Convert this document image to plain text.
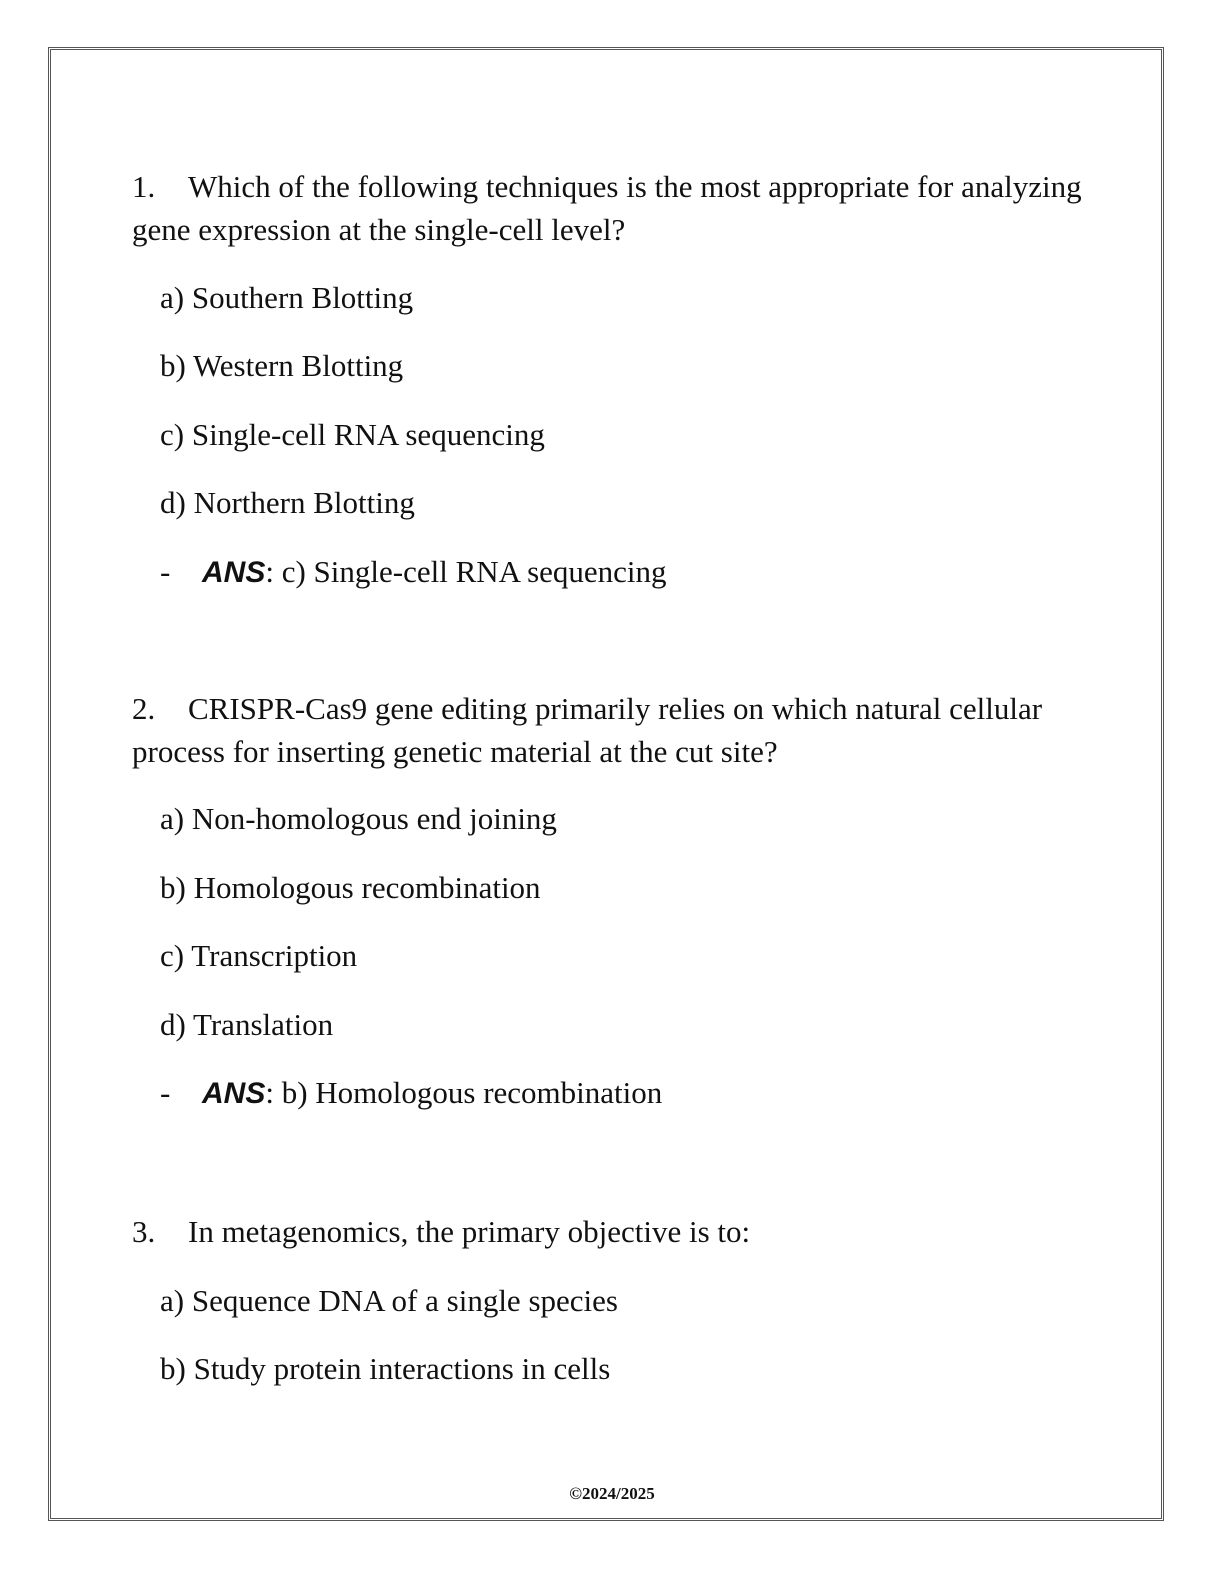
1. Which of the following techniques is the most appropriate for analyzing gene expression at the single-cell level?

a) Southern Blotting
b) Western Blotting
c) Single-cell RNA sequencing
d) Northern Blotting
- ANS: c) Single-cell RNA sequencing

2. CRISPR-Cas9 gene editing primarily relies on which natural cellular process for inserting genetic material at the cut site?

a) Non-homologous end joining
b) Homologous recombination
c) Transcription
d) Translation
- ANS: b) Homologous recombination

3. In metagenomics, the primary objective is to:

a) Sequence DNA of a single species
b) Study protein interactions in cells
©2024/2025
